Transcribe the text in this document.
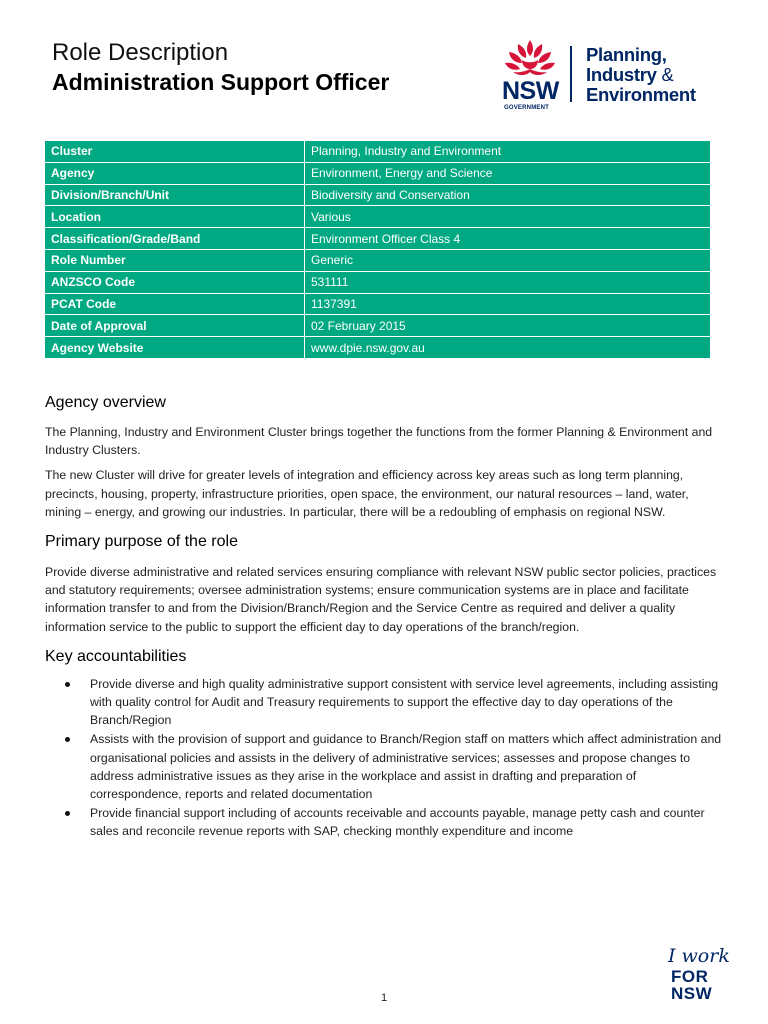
Role Description
Administration Support Officer	NSW
GOVERNMENT
Planning,
Industry &
Environment
Cluster	Planning, Industry and Environment
Agency	Environment, Energy and Science
Division/Branch/Unit	Biodiversity and Conservation
Location	Various
Classification/Grade/Band	Environment Officer Class 4
Role Number	Generic
ANZSCO Code	531111
PCAT Code	1137391
Date of Approval	02 February 2015
Agency Website	www.dpie.nsw.gov.au
Agency overview

The Planning, Industry and Environment Cluster brings together the functions from the former Planning & Environment and Industry Clusters.

The new Cluster will drive for greater levels of integration and efficiency across key areas such as long term planning, precincts, housing, property, infrastructure priorities, open space, the environment, our natural resources – land, water, mining – energy, and growing our industries. In particular, there will be a redoubling of emphasis on regional NSW.

Primary purpose of the role

Provide diverse administrative and related services ensuring compliance with relevant NSW public sector policies, practices and statutory requirements; oversee administration systems; ensure communication systems are in place and facilitate information transfer to and from the Division/Branch/Region and the Service Centre as required and deliver a quality information service to the public to support the efficient day to day operations of the branch/region.

Key accountabilities
Provide diverse and high quality administrative support consistent with service level agreements, including assisting with quality control for Audit and Treasury requirements to support the effective day to day operations of the Branch/Region
Assists with the provision of support and guidance to Branch/Region staff on matters which affect administration and organisational policies and assists in the delivery of administrative services; assesses and propose changes to address administrative issues as they arise in the workplace and assist in drafting and preparation of correspondence, reports and related documentation
Provide financial support including of accounts receivable and accounts payable, manage petty cash and counter sales and reconcile revenue reports with SAP, checking monthly expenditure and income
1
I work
FOR
NSW
